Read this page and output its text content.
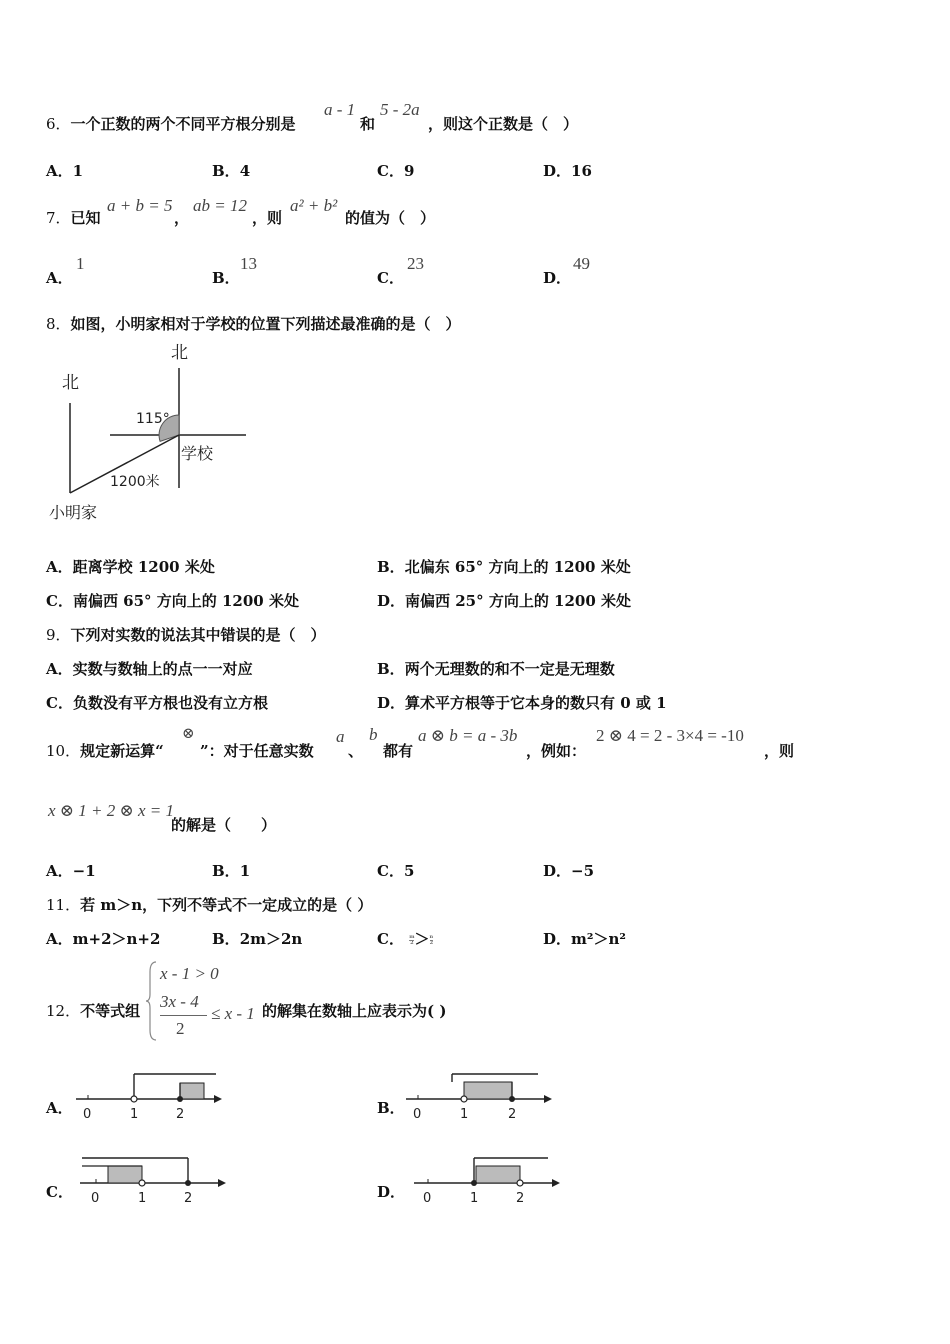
6．一个正数的两个不同平方根分别是
a - 1
和
5 - 2a
，则这个正数是（　）
A．1	B．4	C．9	D．16
7．已知
a + b = 5
，
ab = 12
，则
a² + b²
的值为（　）
A．
1
B．
13
C．
23
D．
49
8．如图，小明家相对于学校的位置下列描述最准确的是（　）
北
北
115°
1200米
学校
小明家
A．距离学校 1200 米处	B．北偏东 65° 方向上的 1200 米处
C．南偏西 65° 方向上的 1200 米处	D．南偏西 25° 方向上的 1200 米处
9．下列对实数的说法其中错误的是（　）
A．实数与数轴上的点一一对应	B．两个无理数的和不一定是无理数
C．负数没有平方根也没有立方根	D．算术平方根等于它本身的数只有 0 或 1
10．规定新运算“
⊗
”：对于任意实数
a
、
b
都有
a ⊗ b = a - 3b
，例如：
2 ⊗ 4 = 2 - 3×4 = -10
，则
x ⊗ 1 + 2 ⊗ x = 1
的解是（　　）
A．−1	B．1	C．5	D．−5
11．若 m＞n，下列不等式不一定成立的是（ ）
A．m+2＞n+2	B．2m＞2n	C． $\frac{m}{2} > \frac{n}{2}$	D．m²＞n²
12．不等式组
x - 1 > 0
3x - 4
2
≤ x - 1 的解集在数轴上应表示为( )
A． 0	1	2	B． 0	1	2
C． 0	1	2	D． 0	1	2
